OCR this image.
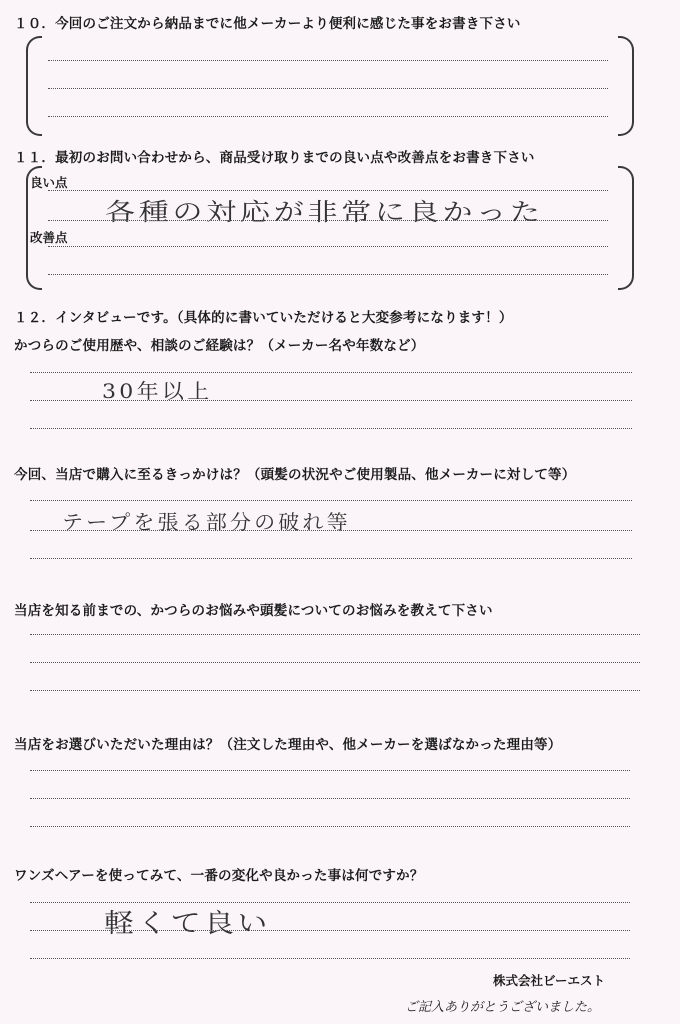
１０．今回のご注文から納品までに他メーカーより便利に感じた事をお書き下さい
１１．最初のお問い合わせから、商品受け取りまでの良い点や改善点をお書き下さい
良い点
各種の対応が非常に良かった
改善点
１２．インタビューです。（具体的に書いていただけると大変参考になります！）
かつらのご使用歴や、相談のご経験は？（メーカー名や年数など）
30年以上
今回、当店で購入に至るきっかけは？（頭髪の状況やご使用製品、他メーカーに対して等）
テープを張る部分の破れ等
当店を知る前までの、かつらのお悩みや頭髪についてのお悩みを教えて下さい
当店をお選びいただいた理由は？（注文した理由や、他メーカーを選ばなかった理由等）
ワンズヘアーを使ってみて、一番の変化や良かった事は何ですか？
軽くて良い
株式会社ビーエスト
ご記入ありがとうございました。
